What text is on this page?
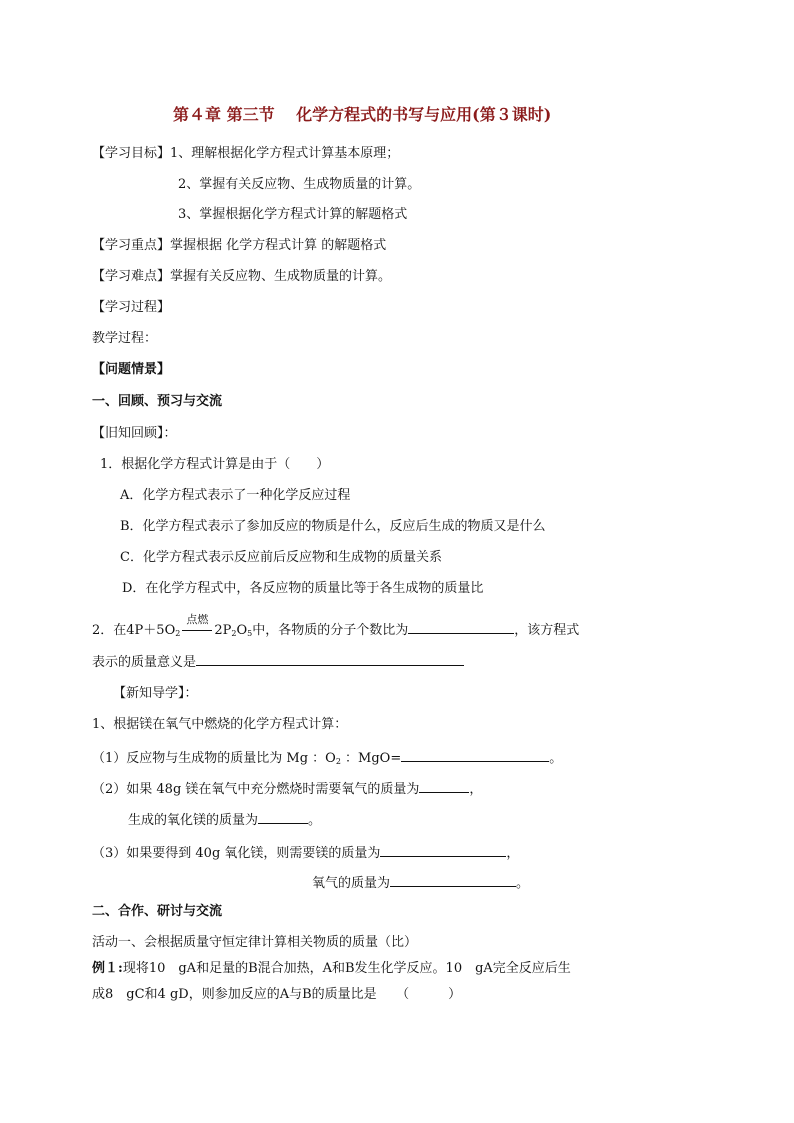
第４章 第三节　 化学方程式的书写与应用(第３课时)
【学习目标】1、理解根据化学方程式计算基本原理；
2、掌握有关反应物、生成物质量的计算。
3、掌握根据化学方程式计算的解题格式
【学习重点】掌握根据 化学方程式计算 的解题格式
【学习难点】掌握有关反应物、生成物质量的计算。
【学习过程】
教学过程：
【问题情景】
一、回顾、预习与交流
【旧知回顾】：
1．根据化学方程式计算是由于（　　）
A．化学方程式表示了一种化学反应过程
B．化学方程式表示了参加反应的物质是什么，反应后生成的物质又是什么
C．化学方程式表示反应前后反应物和生成物的质量关系
D．在化学方程式中，各反应物的质量比等于各生成物的质量比
2．在$4P+5O_2$
点燃
$2P_2O_5$中，各物质的分子个数比为	，该方程式
表示的质量意义是
【新知导学】：
1、根据镁在氧气中燃烧的化学方程式计算：
（1）反应物与生成物的质量比为 Mg ：$O_2$ ：MgO=	。
（2）如果 48g 镁在氧气中充分燃烧时需要氧气的质量为	，
生成的氧化镁的质量为	。
（3）如果要得到 40g 氧化镁，则需要镁的质量为	，
氧气的质量为	。
二、合作、研讨与交流
活动一、会根据质量守恒定律计算相关物质的质量（比）
例１:现将10　gA和足量的B混合加热，A和B发生化学反应。10　gA完全反应后生
成8　gC和4 gD，则参加反应的A与B的质量比是　　（　　　）
